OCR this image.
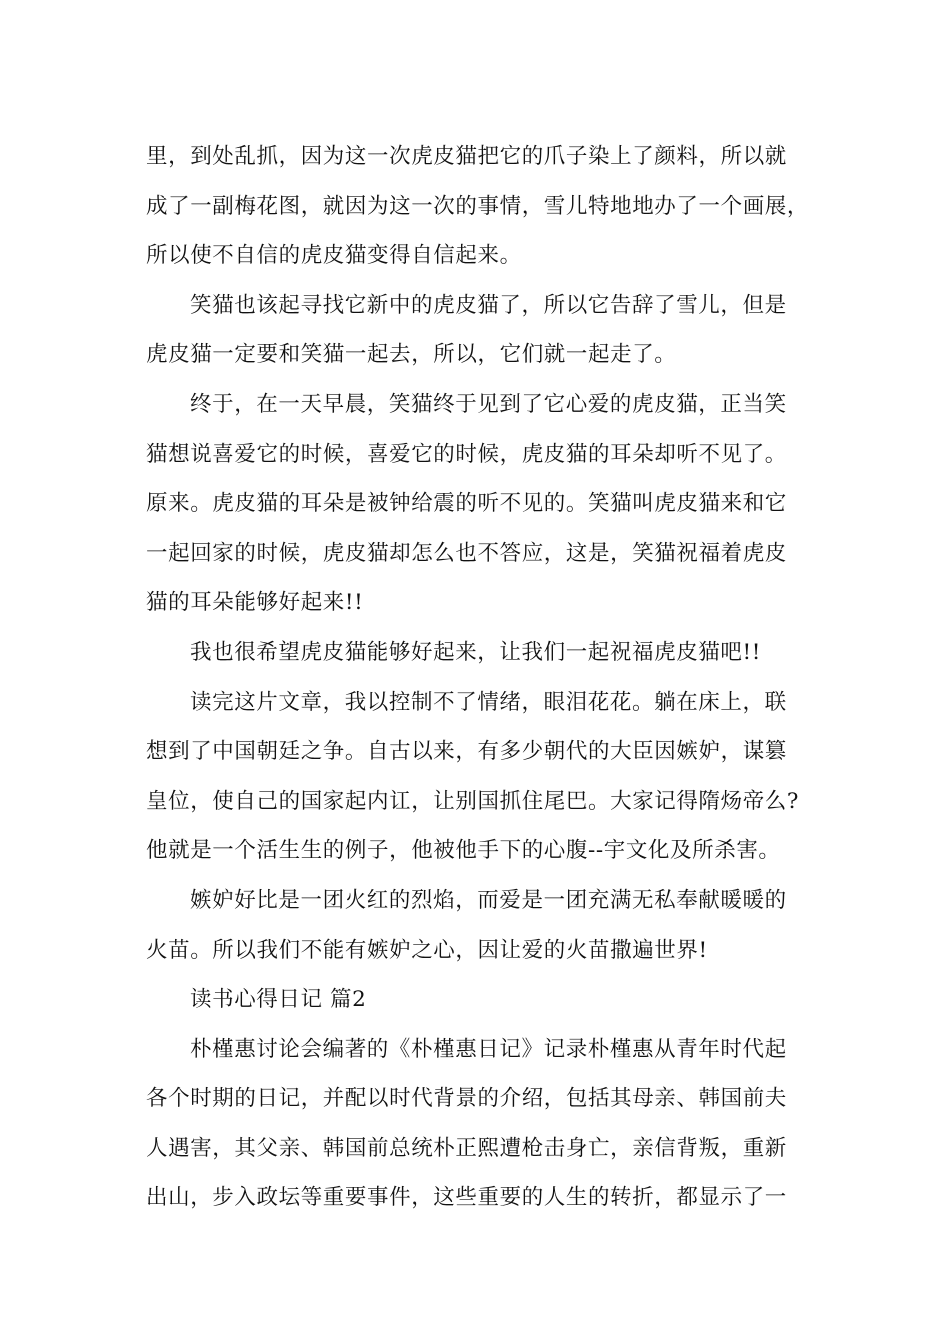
里，到处乱抓，因为这一次虎皮猫把它的爪子染上了颜料，所以就
成了一副梅花图，就因为这一次的事情，雪儿特地地办了一个画展，
所以使不自信的虎皮猫变得自信起来。
笑猫也该起寻找它新中的虎皮猫了，所以它告辞了雪儿，但是
虎皮猫一定要和笑猫一起去，所以，它们就一起走了。
终于，在一天早晨，笑猫终于见到了它心爱的虎皮猫，正当笑
猫想说喜爱它的时候，喜爱它的时候，虎皮猫的耳朵却听不见了。
原来。虎皮猫的耳朵是被钟给震的听不见的。笑猫叫虎皮猫来和它
一起回家的时候，虎皮猫却怎么也不答应，这是，笑猫祝福着虎皮
猫的耳朵能够好起来!!
我也很希望虎皮猫能够好起来，让我们一起祝福虎皮猫吧!!
读完这片文章，我以控制不了情绪，眼泪花花。躺在床上，联
想到了中国朝廷之争。自古以来，有多少朝代的大臣因嫉妒，谋篡
皇位，使自己的国家起内讧，让别国抓住尾巴。大家记得隋炀帝么?
他就是一个活生生的例子，他被他手下的心腹--宇文化及所杀害。
嫉妒好比是一团火红的烈焰，而爱是一团充满无私奉献暖暖的
火苗。所以我们不能有嫉妒之心，因让爱的火苗撒遍世界!
读书心得日记 篇2
朴槿惠讨论会编著的《朴槿惠日记》记录朴槿惠从青年时代起
各个时期的日记，并配以时代背景的介绍，包括其母亲、韩国前夫
人遇害，其父亲、韩国前总统朴正熙遭枪击身亡，亲信背叛，重新
出山，步入政坛等重要事件，这些重要的人生的转折，都显示了一
